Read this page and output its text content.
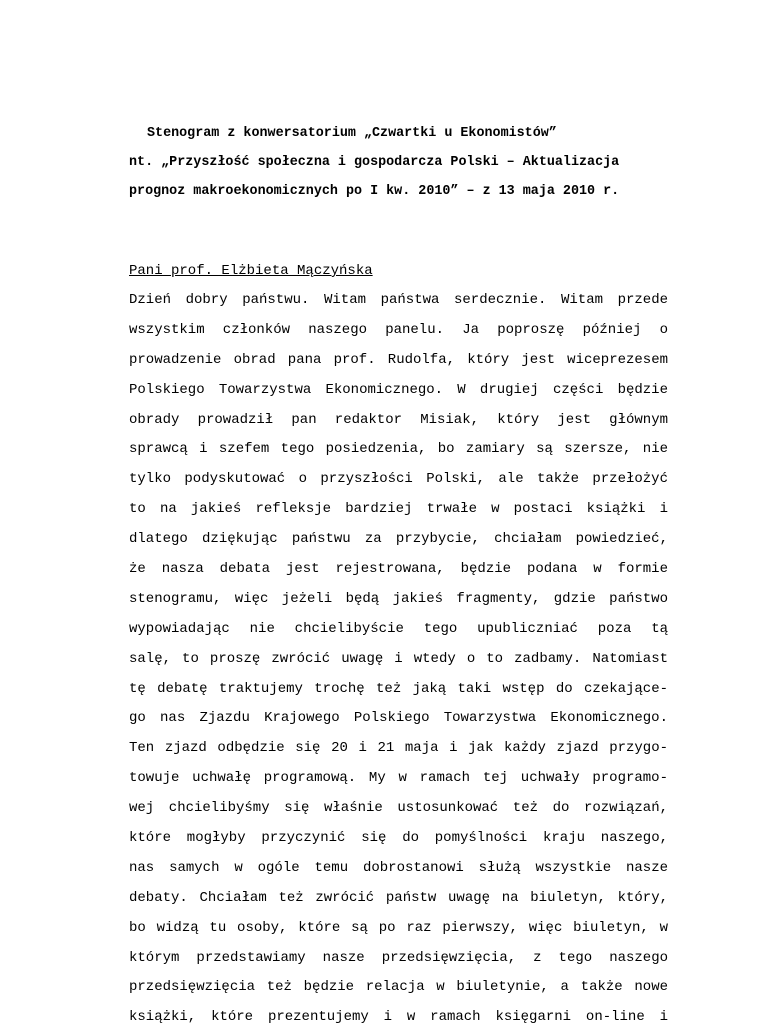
Stenogram z konwersatorium „Czwartki u Ekonomistów”
nt. „Przyszłość społeczna i gospodarcza Polski – Aktualizacja
prognoz makroekonomicznych po I kw. 2010” – z 13 maja 2010 r.
Pani prof. Elżbieta Mączyńska
Dzień dobry państwu. Witam państwa serdecznie. Witam przede
wszystkim członków naszego panelu. Ja poproszę później o
prowadzenie obrad pana prof. Rudolfa, który jest wiceprezesem
Polskiego Towarzystwa Ekonomicznego. W drugiej części będzie
obrady prowadził pan redaktor Misiak, który jest głównym
sprawcą i szefem tego posiedzenia, bo zamiary są szersze, nie
tylko podyskutować o przyszłości Polski, ale także przełożyć
to na jakieś refleksje bardziej trwałe w postaci książki i
dlatego dziękując państwu za przybycie, chciałam powiedzieć,
że nasza debata jest rejestrowana, będzie podana w formie
stenogramu, więc jeżeli będą jakieś fragmenty, gdzie państwo
wypowiadając nie chcielibyście tego upubliczniać poza tą
salę, to proszę zwrócić uwagę i wtedy o to zadbamy. Natomiast
tę debatę traktujemy trochę też jaką taki wstęp do czekające-
go nas Zjazdu Krajowego Polskiego Towarzystwa Ekonomicznego.
Ten zjazd odbędzie się 20 i 21 maja i jak każdy zjazd przygo-
towuje uchwałę programową. My w ramach tej uchwały programo-
wej chcielibyśmy się właśnie ustosunkować też do rozwiązań,
które mogłyby przyczynić się do pomyślności kraju naszego,
nas samych w ogóle temu dobrostanowi służą wszystkie nasze
debaty. Chciałam też zwrócić państw uwagę na biuletyn, który,
bo widzą tu osoby, które są po raz pierwszy, więc biuletyn, w
którym przedstawiamy nasze przedsięwzięcia, z tego naszego
przedsięwzięcia też będzie relacja w biuletynie, a także nowe
książki, które prezentujemy i w ramach księgarni on-line i
